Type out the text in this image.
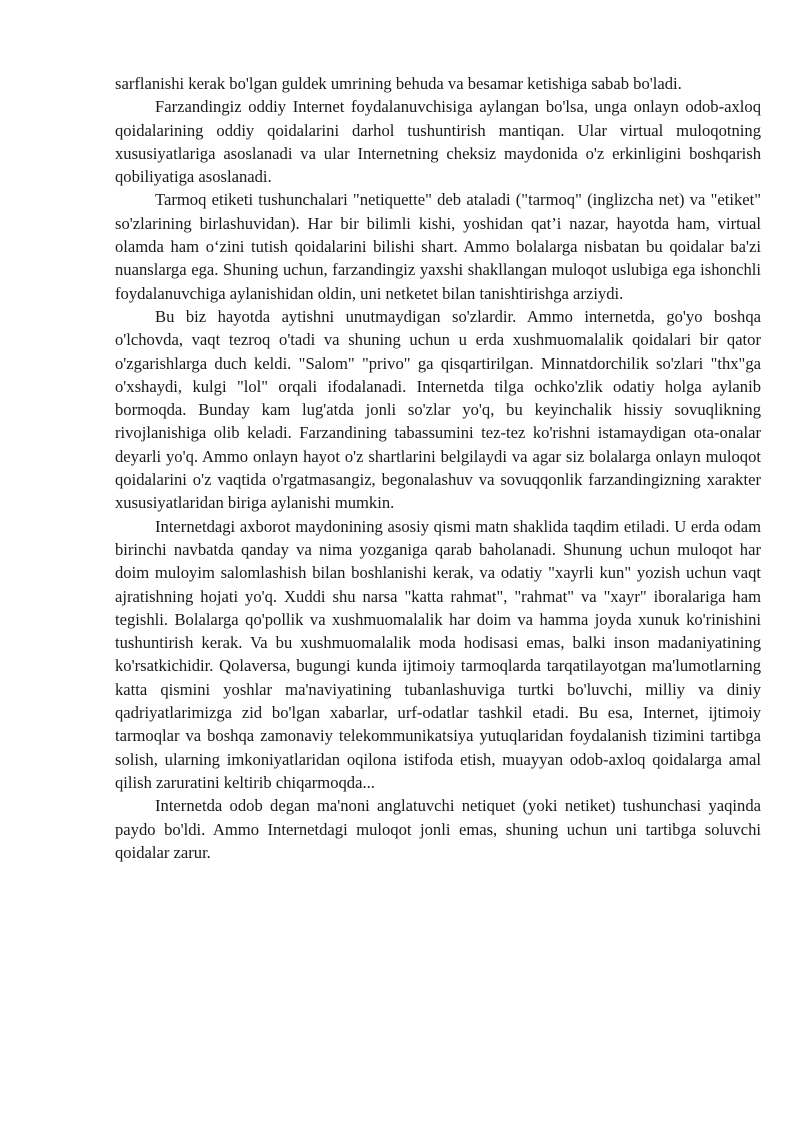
sarflanishi kerak bo'lgan guldek umrining behuda va besamar ketishiga sabab bo'ladi.

Farzandingiz oddiy Internet foydalanuvchisiga aylangan bo'lsa, unga onlayn odob-axloq qoidalarining oddiy qoidalarini darhol tushuntirish mantiqan. Ular virtual muloqotning xususiyatlariga asoslanadi va ular Internetning cheksiz maydonida o'z erkinligini boshqarish qobiliyatiga asoslanadi.

Tarmoq etiketi tushunchalari "netiquette" deb ataladi ("tarmoq" (inglizcha net) va "etiket" so'zlarining birlashuvidan). Har bir bilimli kishi, yoshidan qat’i nazar, hayotda ham, virtual olamda ham o‘zini tutish qoidalarini bilishi shart. Ammo bolalarga nisbatan bu qoidalar ba'zi nuanslarga ega. Shuning uchun, farzandingiz yaxshi shakllangan muloqot uslubiga ega ishonchli foydalanuvchiga aylanishidan oldin, uni netketet bilan tanishtirishga arziydi.

Bu biz hayotda aytishni unutmaydigan so'zlardir. Ammo internetda, go'yo boshqa o'lchovda, vaqt tezroq o'tadi va shuning uchun u erda xushmuomalalik qoidalari bir qator o'zgarishlarga duch keldi. "Salom" "privo" ga qisqartirilgan. Minnatdorchilik so'zlari "thx"ga o'xshaydi, kulgi "lol" orqali ifodalanadi. Internetda tilga ochko'zlik odatiy holga aylanib bormoqda. Bunday kam lug'atda jonli so'zlar yo'q, bu keyinchalik hissiy sovuqlikning rivojlanishiga olib keladi. Farzandining tabassumini tez-tez ko'rishni istamaydigan ota-onalar deyarli yo'q. Ammo onlayn hayot o'z shartlarini belgilaydi va agar siz bolalarga onlayn muloqot qoidalarini o'z vaqtida o'rgatmasangiz, begonalashuv va sovuqqonlik farzandingizning xarakter xususiyatlaridan biriga aylanishi mumkin.

Internetdagi axborot maydonining asosiy qismi matn shaklida taqdim etiladi. U erda odam birinchi navbatda qanday va nima yozganiga qarab baholanadi. Shunung uchun muloqot har doim muloyim salomlashish bilan boshlanishi kerak, va odatiy "xayrli kun" yozish uchun vaqt ajratishning hojati yo'q. Xuddi shu narsa "katta rahmat", "rahmat" va "xayr" iboralariga ham tegishli. Bolalarga qo'pollik va xushmuomalalik har doim va hamma joyda xunuk ko'rinishini tushuntirish kerak. Va bu xushmuomalalik moda hodisasi emas, balki inson madaniyatining ko'rsatkichidir. Qolaversa, bugungi kunda ijtimoiy tarmoqlarda tarqatilayotgan ma'lumotlarning katta qismini yoshlar ma'naviyatining tubanlashuviga turtki bo'luvchi, milliy va diniy qadriyatlarimizga zid bo'lgan xabarlar, urf-odatlar tashkil etadi. Bu esa, Internet, ijtimoiy tarmoqlar va boshqa zamonaviy telekommunikatsiya yutuqlaridan foydalanish tizimini tartibga solish, ularning imkoniyatlaridan oqilona istifoda etish, muayyan odob-axloq qoidalarga amal qilish zaruratini keltirib chiqarmoqda...

Internetda odob degan ma'noni anglatuvchi netiquet (yoki netiket) tushunchasi yaqinda paydo bo'ldi. Ammo Internetdagi muloqot jonli emas, shuning uchun uni tartibga soluvchi qoidalar zarur.
